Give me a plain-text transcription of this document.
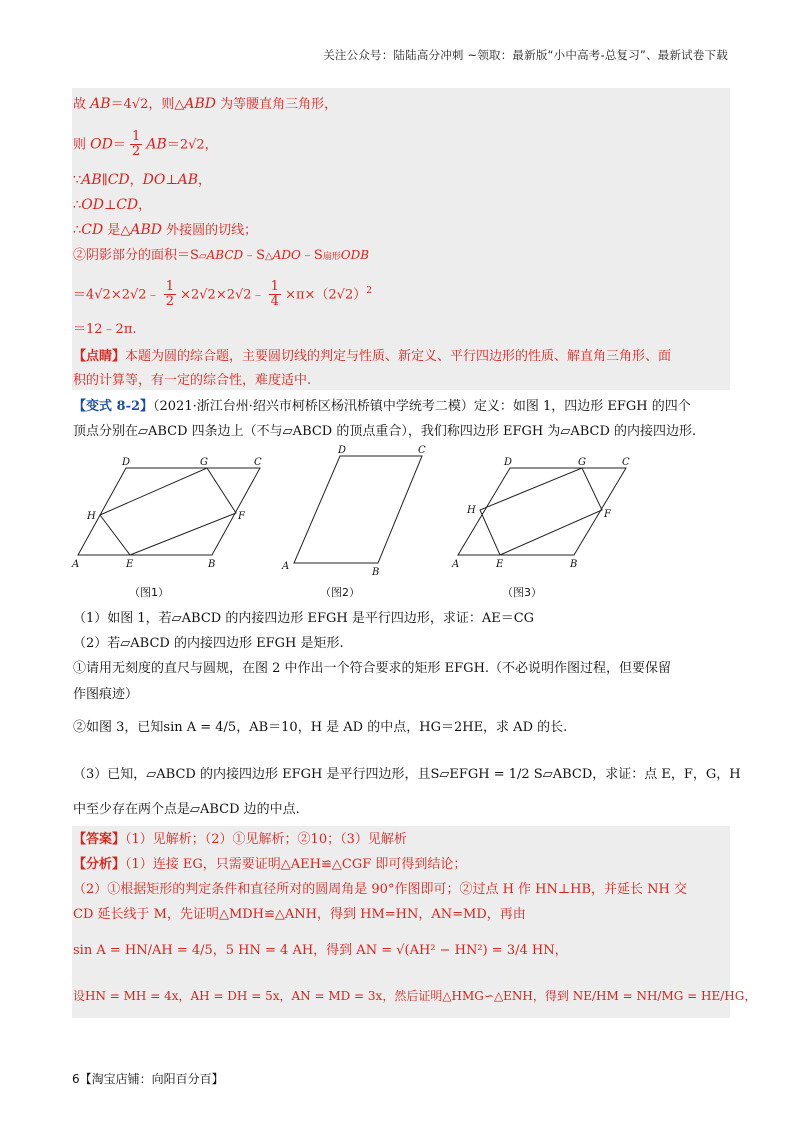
关注公众号：陆陆高分冲刺 ~领取：最新版“小中高考-总复习”、最新试卷下载
故 AB＝4√2，则△ABD 为等腰直角三角形，
则 $OD= \frac{1}{2} AB=2√2$，
∵AB∥CD，DO⊥AB，
∴OD⊥CD，
∴CD 是△ABD 外接圆的切线；
②阴影部分的面积＝S▱ABCD﹣S△ADO﹣S扇形ODB
＝4√2×2√2﹣ $\frac{1}{2}$ ×2√2×2√2﹣ $\frac{1}{4} \times\pi\times(2√2)^2$
＝12﹣2π.
【点睛】本题为圆的综合题，主要圆切线的判定与性质、新定义、平行四边形的性质、解直角三角形、面
积的计算等，有一定的综合性，难度适中.
【变式 8-2】（2021·浙江台州·绍兴市柯桥区杨汛桥镇中学统考二模）定义：如图 1，四边形 EFGH 的四个
顶点分别在▱ABCD 四条边上（不与▱ABCD 的顶点重合），我们称四边形 EFGH 为▱ABCD 的内接四边形.
D	G	C
H	F
A	E	B
（图1）
D	C
A
B
（图2）
D	G	C
H	F
A	E	B
（图3）
（1）如图 1，若▱ABCD 的内接四边形 EFGH 是平行四边形，求证：AE＝CG
（2）若▱ABCD 的内接四边形 EFGH 是矩形.
①请用无刻度的直尺与圆规，在图 2 中作出一个符合要求的矩形 EFGH.（不必说明作图过程，但要保留
作图痕迹）
②如图 3，已知sin A = 4/5，AB＝10，H 是 AD 的中点，HG＝2HE，求 AD 的长.
（3）已知，▱ABCD 的内接四边形 EFGH 是平行四边形，且S▱EFGH = 1/2 S▱ABCD，求证：点 E，F，G，H
中至少存在两个点是▱ABCD 边的中点.
【答案】（1）见解析；（2）①见解析；②10；（3）见解析
【分析】（1）连接 EG，只需要证明△AEH≌△CGF 即可得到结论；
（2）①根据矩形的判定条件和直径所对的圆周角是 90°作图即可；②过点 H 作 HN⊥HB，并延长 NH 交
CD 延长线于 M，先证明△MDH≌△ANH，得到 HM=HN，AN=MD，再由
sin A = HN/AH = 4/5，5 HN = 4 AH，得到 AN = √(AH² − HN²) = 3/4 HN，
设HN = MH = 4x，AH = DH = 5x，AN = MD = 3x，然后证明△HMG∽△ENH，得到 NE/HM = NH/MG = HE/HG，
6【淘宝店铺：向阳百分百】
